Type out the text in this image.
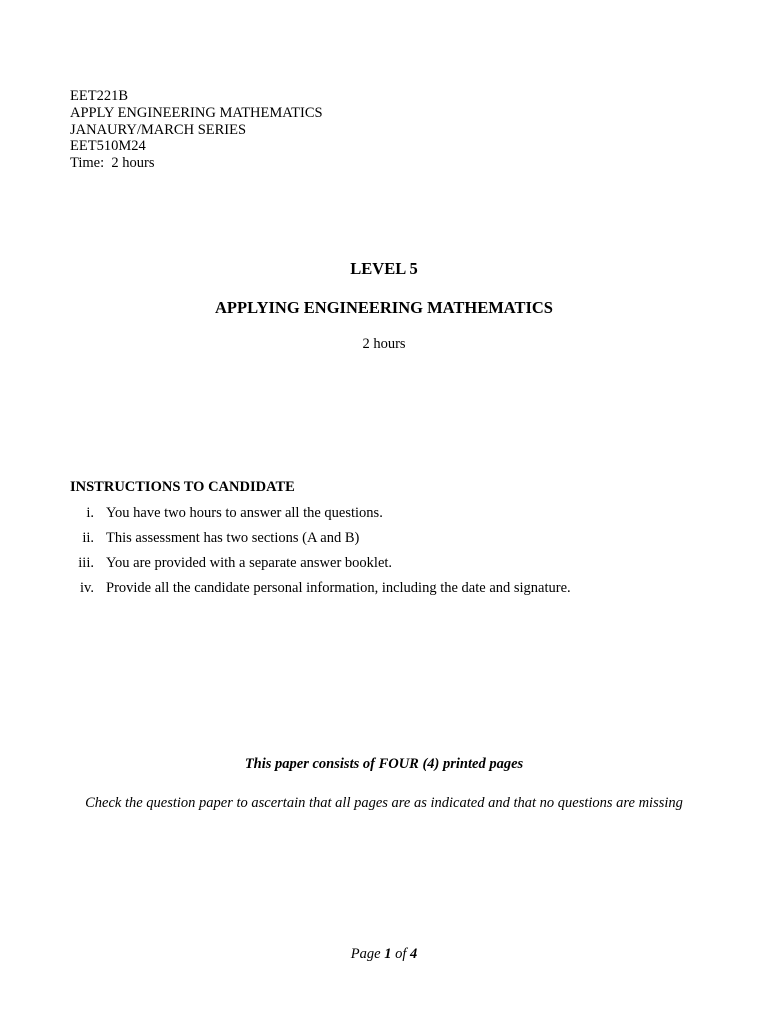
EET221B
APPLY ENGINEERING MATHEMATICS
JANAURY/MARCH SERIES
EET510M24
Time:  2 hours
LEVEL 5
APPLYING ENGINEERING MATHEMATICS
2 hours
INSTRUCTIONS TO CANDIDATE
i. You have two hours to answer all the questions.
ii. This assessment has two sections (A and B)
iii. You are provided with a separate answer booklet.
iv. Provide all the candidate personal information, including the date and signature.
This paper consists of FOUR (4) printed pages
Check the question paper to ascertain that all pages are as indicated and that no questions are missing
Page 1 of 4
